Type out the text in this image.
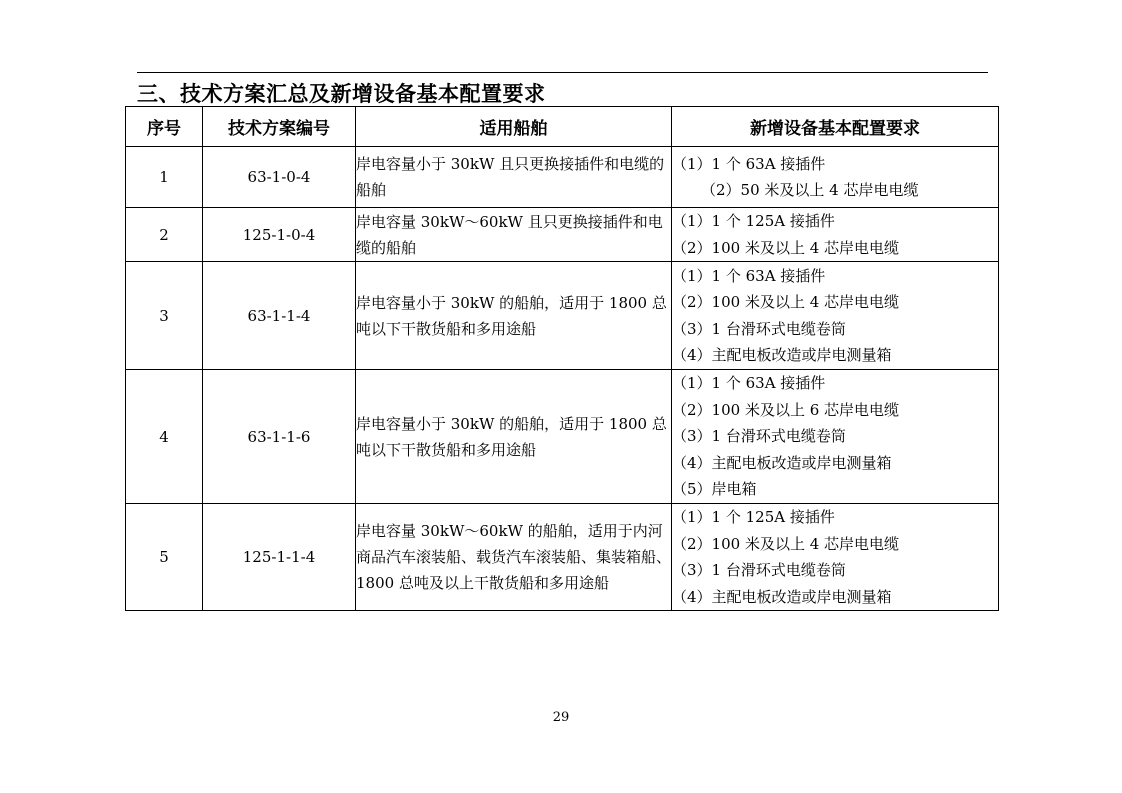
三、技术方案汇总及新增设备基本配置要求
序号	技术方案编号	适用船舶	新增设备基本配置要求
1	63-1-0-4	岸电容量小于 30kW 且只更换接插件和电缆的船舶	（1）1 个 63A 接插件
（2）50 米及以上 4 芯岸电电缆

2	125-1-0-4	岸电容量 30kW～60kW 且只更换接插件和电缆的船舶	（1）1 个 125A 接插件
（2）100 米及以上 4 芯岸电电缆

3	63-1-1-4	岸电容量小于 30kW 的船舶，适用于 1800 总吨以下干散货船和多用途船	（1）1 个 63A 接插件
（2）100 米及以上 4 芯岸电电缆
（3）1 台滑环式电缆卷筒
（4）主配电板改造或岸电测量箱

4	63-1-1-6	岸电容量小于 30kW 的船舶，适用于 1800 总吨以下干散货船和多用途船	（1）1 个 63A 接插件
（2）100 米及以上 6 芯岸电电缆
（3）1 台滑环式电缆卷筒
（4）主配电板改造或岸电测量箱
（5）岸电箱

5	125-1-1-4	岸电容量 30kW～60kW 的船舶，适用于内河商品汽车滚装船、载货汽车滚装船、集装箱船、1800 总吨及以上干散货船和多用途船	（1）1 个 125A 接插件
（2）100 米及以上 4 芯岸电电缆
（3）1 台滑环式电缆卷筒
（4）主配电板改造或岸电测量箱
29
